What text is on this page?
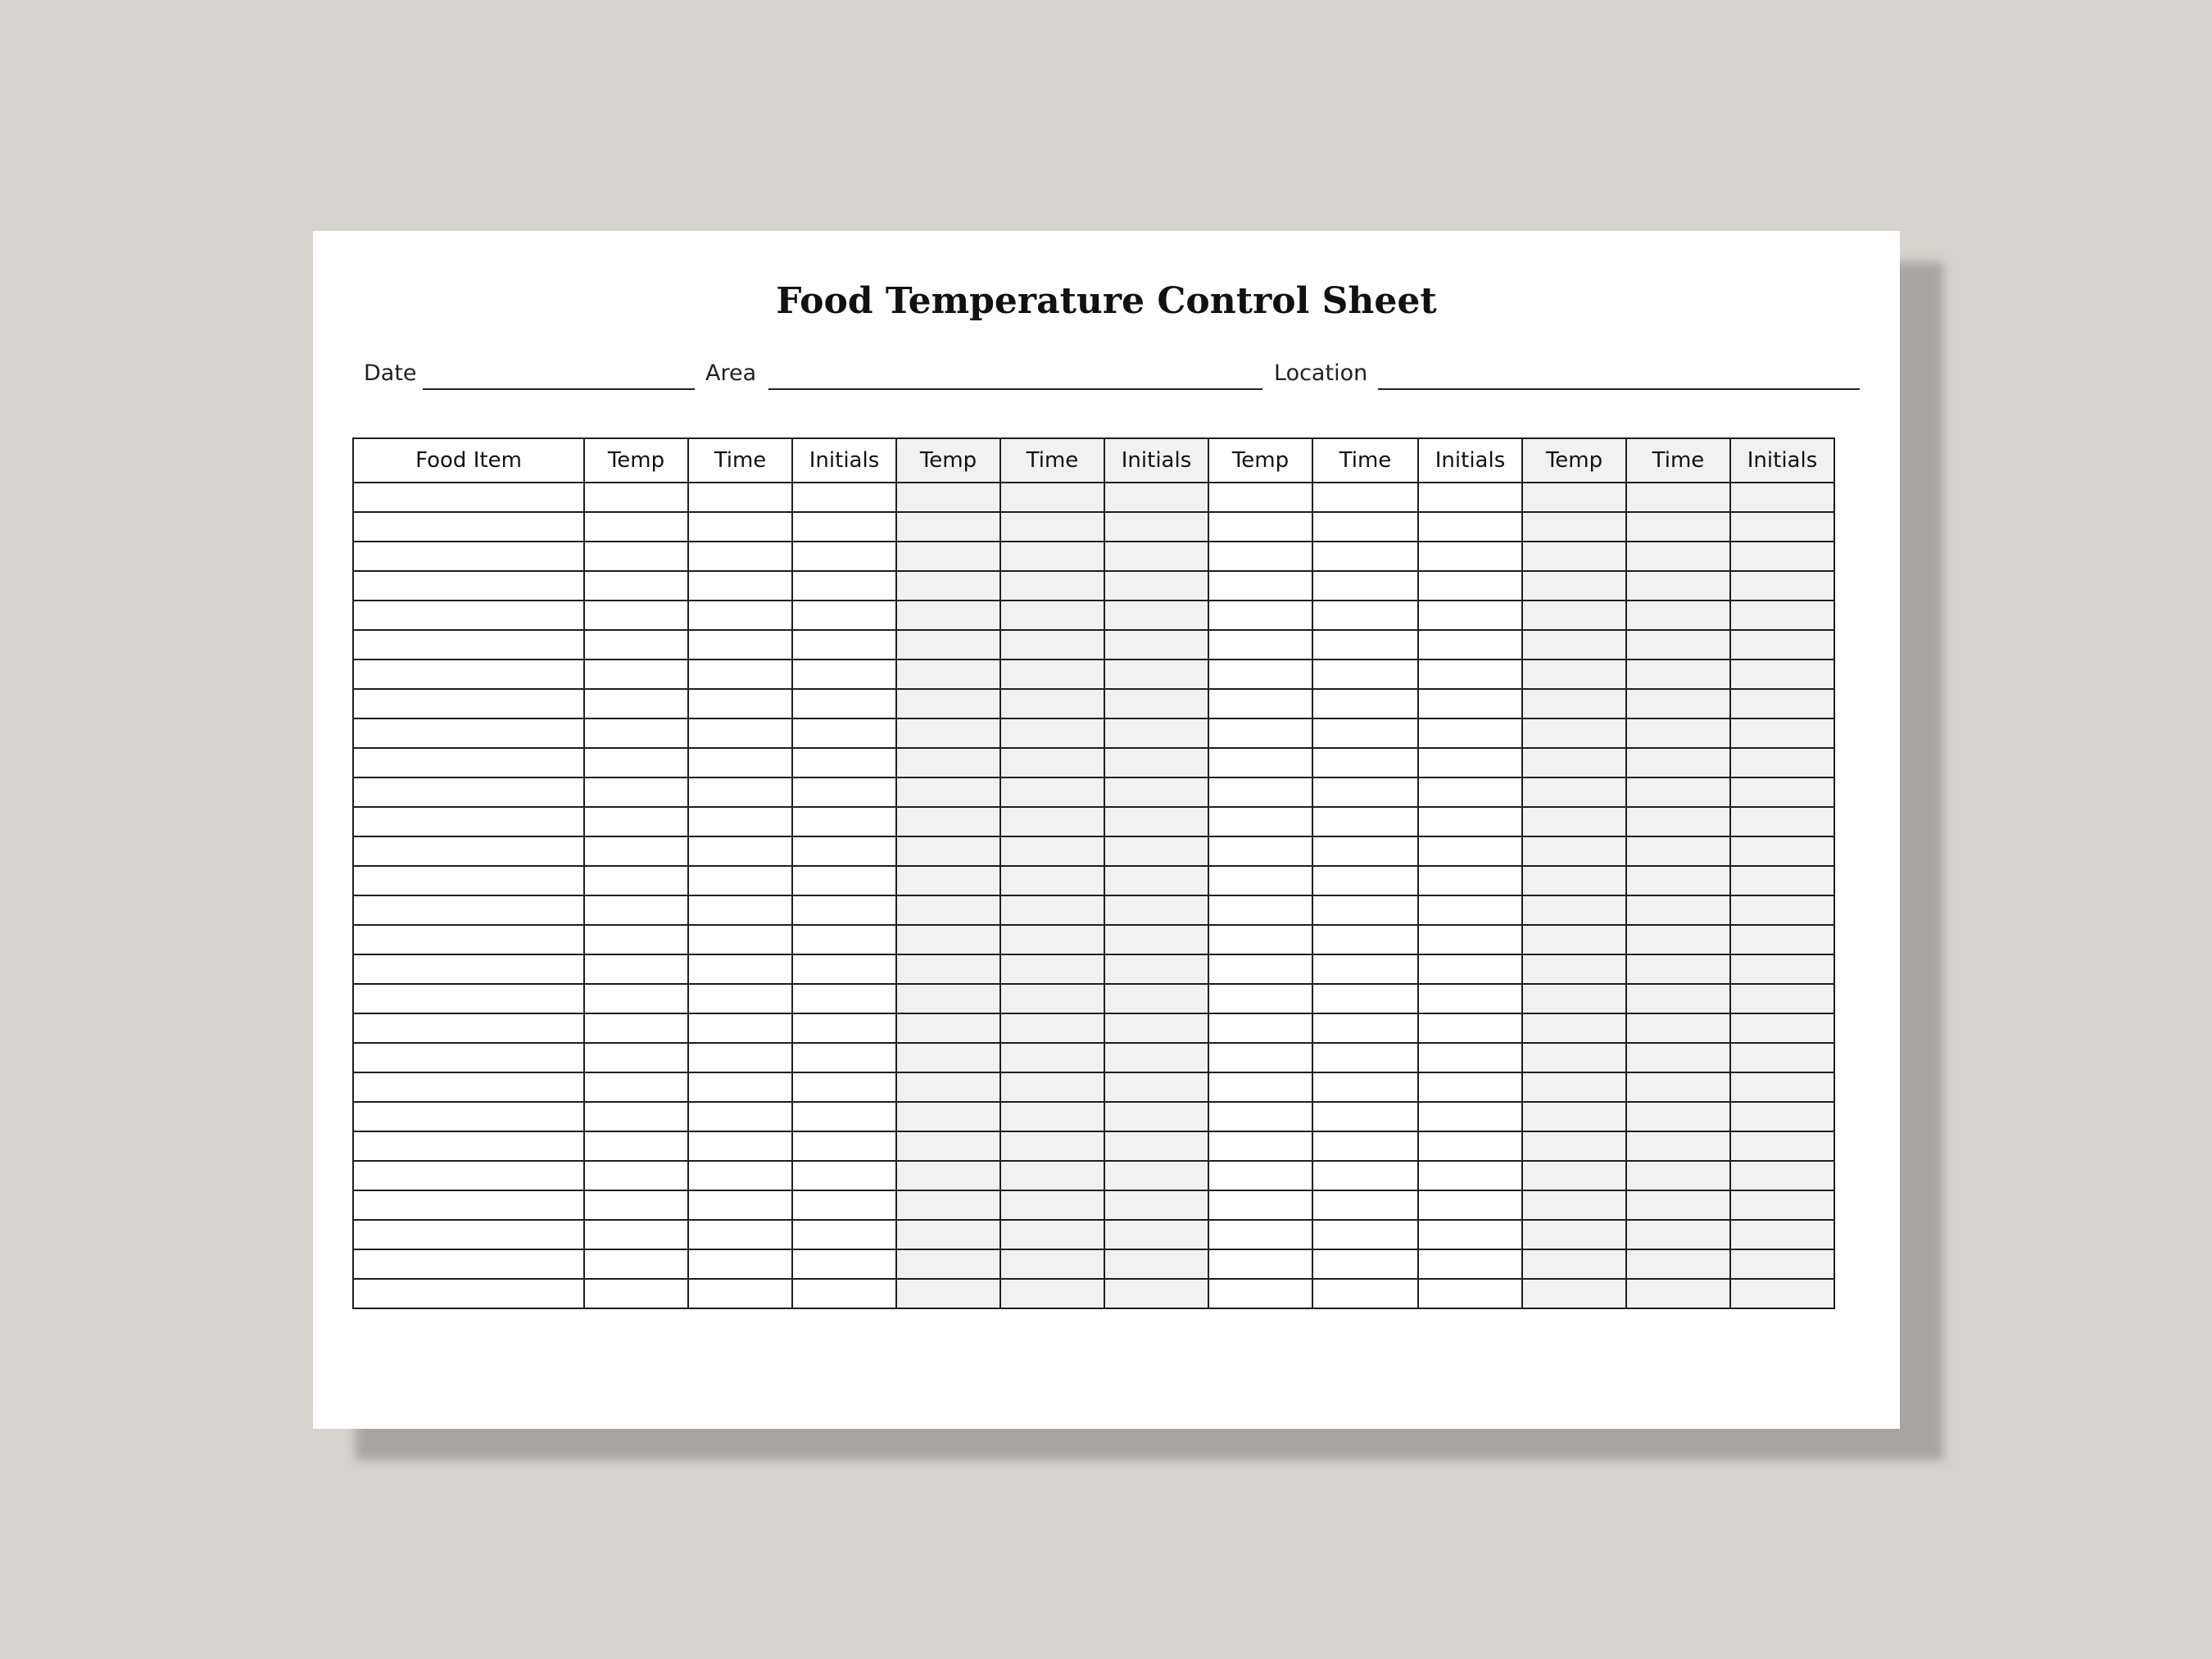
Food Temperature Control Sheet
Date	Area	Location
Food Item	Temp	Time	Initials	Temp	Time	Initials	Temp	Time	Initials	Temp	Time	Initials
